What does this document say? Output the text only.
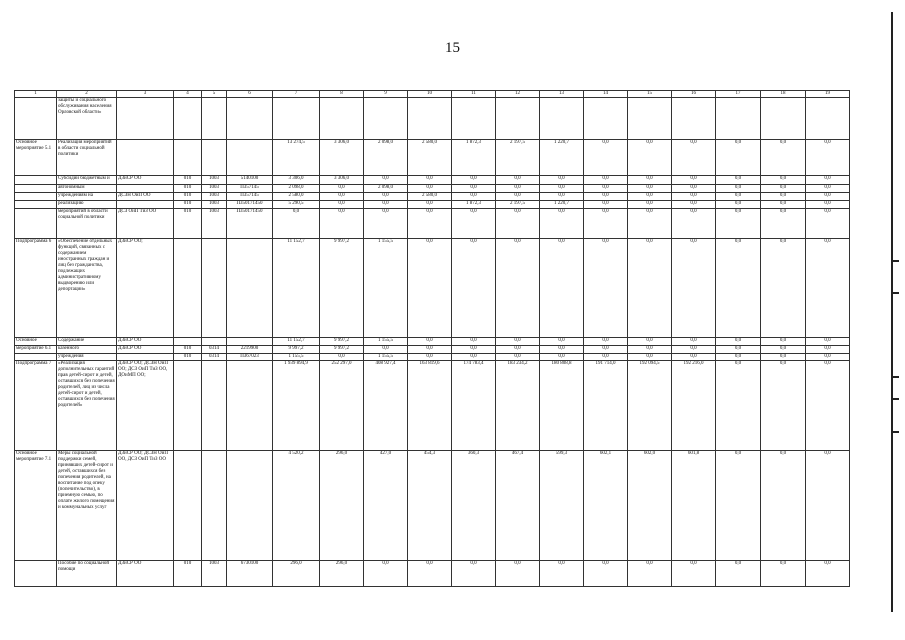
15
1	2	3	4	5	6	7	8	9	10	11	12	13	14	15	16	17	18	19
	защиты и социального обслуживания населения Орловской области»																	
Основное мероприятие 5.1	Реализация мероприятий в области социальной политики					13 274,5	3 306,0	2 098,0	2 580,0	1 872,3	2 197,5	1 220,7	0,0	0,0	0,0	0,0	0,0	0,0
	Субсидии бюджетным и	ДЗиСР ОО	010	1003	5140100	3 306,0	3 306,0	0,0	0,0	0,0	0,0	0,0	0,0	0,0	0,0	0,0	0,0	0,0
	автономным		010	1003	П357145	2 098,0	0,0	2 098,0	0,0	0,0	0,0	0,0	0,0	0,0	0,0	0,0	0,0	0,0
	учреждениям на	ДСЗН ОиП ОО	010	1003	П357145	2 580,0	0,0	0,0	2 580,0	0,0	0,0	0,0	0,0	0,0	0,0	0,0	0,0	0,0
	реализацию		010	1003	П350171450	5 290,5	0,0	0,0	0,0	1 872,3	2 197,5	1 220,7	0,0	0,0	0,0	0,0	0,0	0,0
	мероприятий в области социальной политики	ДСЗ ОиП ТиЗ ОО	010	1003	П350171450	0,0	0,0	0,0	0,0	0,0	0,0	0,0	0,0	0,0	0,0	0,0	0,0	0,0
Подпрограмма 6	«Обеспечение отдельных функций, связанных с содержанием иностранных граждан и лиц без гражданства, подлежащих административному выдворению или депортации»	ДЗиСР ОО;				11 152,7	9 997,2	1 155,5	0,0	0,0	0,0	0,0	0,0	0,0	0,0	0,0	0,0	0,0
Основное	Содержание	ДЗиСР ОО				11 152,7	9 997,2	1 155,5	0,0	0,0	0,0	0,0	0,0	0,0	0,0	0,0	0,0	0,0
мероприятие 6.1	казенного	ДЗиСР ОО	010	0314	2219900	9 997,2	9 997,2	0,0	0,0	0,0	0,0	0,0	0,0	0,0	0,0	0,0	0,0	0,0
	учреждения		010	0314	П367023	1 155,5	0,0	1 155,5	0,0	0,0	0,0	0,0	0,0	0,0	0,0	0,0	0,0	0,0
Подпрограмма 7	«Реализация дополнительных гарантий прав детей-сирот и детей, оставшихся без попечения родителей, лиц из числа детей-сирот и детей, оставшихся без попечения родителей»	ДЗиСР ОО; ДСЗН ОиП ОО; ДСЗ ОиП ТиЗ ОО, ДОиМП ОО;				1 939 894,9	252 297,0	408 927,4	163 819,6	174 783,4	183 234,2	180 808,8	191 714,0	192 094,5	192 216,0	0,0	0,0	0,0
Основное мероприятие 7.1	Меры социальной поддержки семей, принявших детей-сирот и детей, оставшихся без попечения родителей, на воспитание под опеку (попечительство), в приемную семью, по оплате жилого помещения и коммунальных услуг	ДЗиСР ОО; ДСЗН ОиП ОО, ДСЗ ОиП ТиЗ ОО				4 520,2	296,0	427,0	454,3	360,3	467,4	599,3	602,1	602,0	601,8	0,0	0,0	0,0
	Пособие по социальной помощи	ДЗиСР ОО	010	1003	6730100	296,0	296,0	0,0	0,0	0,0	0,0	0,0	0,0	0,0	0,0	0,0	0,0	0,0
